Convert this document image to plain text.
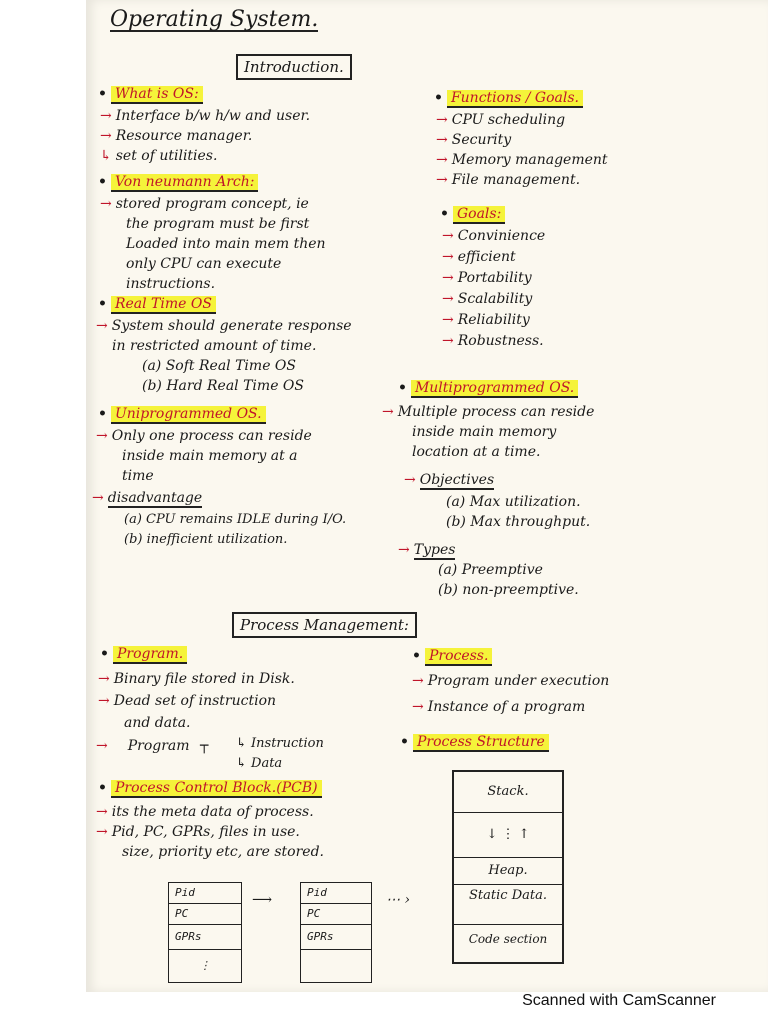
Operating System.
Introduction.
• What is OS:
→ Interface b/w h/w and user.
→ Resource manager.
↳ set of utilities.
• Von neumann Arch:
→ stored program concept, ie
the program must be first
Loaded into main mem then
only CPU can execute
instructions.
• Real Time OS
→ System should generate response
in restricted amount of time.
(a) Soft Real Time OS
(b) Hard Real Time OS
• Uniprogrammed OS.
→ Only one process can reside
inside main memory at a
time
→ disadvantage
(a) CPU remains IDLE during I/O.
(b) inefficient utilization.
• Functions / Goals.
→ CPU scheduling
→ Security
→ Memory management
→ File management.
• Goals:
→ Convinience
→ efficient
→ Portability
→ Scalability
→ Reliability
→ Robustness.
• Multiprogrammed OS.
→ Multiple process can reside
inside main memory
location at a time.
→ Objectives
(a) Max utilization.
(b) Max throughput.
→ Types
(a) Preemptive
(b) non-preemptive.
Process Management:
• Program.
→ Binary file stored in Disk.
→ Dead set of instruction
and data.
→ Program ┬ ↳ Instruction
↳ Data
• Process.
→ Program under execution
→ Instance of a program
• Process Structure
Stack.
↓ ⋮ ↑
Heap.
Static Data.
Code section
• Process Control Block.(PCB)
→ its the meta data of process.
→ Pid, PC, GPRs, files in use.
size, priority etc, are stored.
Pid
PC
GPRs
⋮
⟶	Pid
PC
GPRs

⋯ ›
Scanned with CamScanner
